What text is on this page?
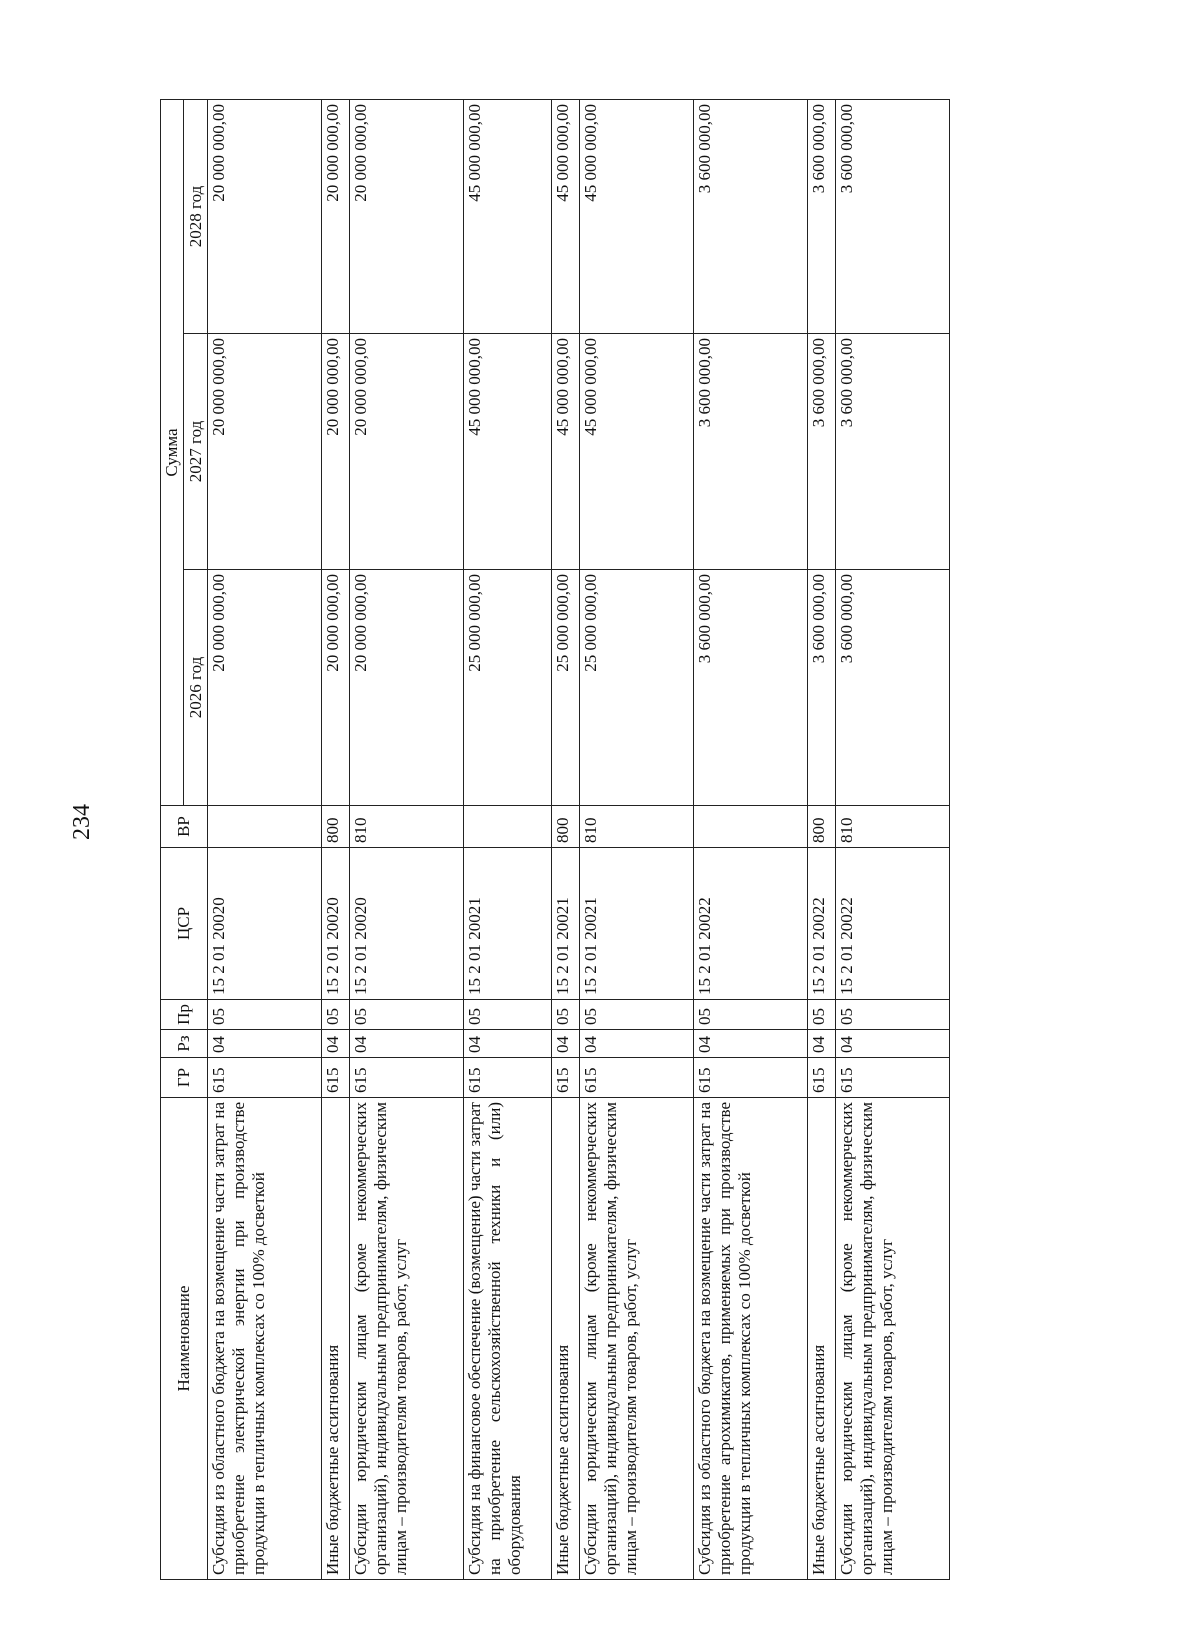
234
Наименование	ГР	Рз	Пр	ЦСР	ВР	Сумма		
						2026 год	2027 год	2028 год
Субсидия из областного бюджета на возмещение части затрат на приобретение электрической энергии при производстве продукции в тепличных комплексах со 100% досветкой	615	04	05	15 2 01 20020		20 000 000,00	20 000 000,00	20 000 000,00
Иные бюджетные ассигнования	615	04	05	15 2 01 20020	800	20 000 000,00	20 000 000,00	20 000 000,00
Субсидии юридическим лицам (кроме некоммерческих организаций), индивидуальным предпринимателям, физическим лицам – производителям товаров, работ, услуг	615	04	05	15 2 01 20020	810	20 000 000,00	20 000 000,00	20 000 000,00
Субсидия на финансовое обеспечение (возмещение) части затрат на приобретение сельскохозяйственной техники и (или) оборудования	615	04	05	15 2 01 20021		25 000 000,00	45 000 000,00	45 000 000,00
Иные бюджетные ассигнования	615	04	05	15 2 01 20021	800	25 000 000,00	45 000 000,00	45 000 000,00
Субсидии юридическим лицам (кроме некоммерческих организаций), индивидуальным предпринимателям, физическим лицам – производителям товаров, работ, услуг	615	04	05	15 2 01 20021	810	25 000 000,00	45 000 000,00	45 000 000,00
Субсидия из областного бюджета на возмещение части затрат на приобретение агрохимикатов, применяемых при производстве продукции в тепличных комплексах со 100% досветкой	615	04	05	15 2 01 20022		3 600 000,00	3 600 000,00	3 600 000,00
Иные бюджетные ассигнования	615	04	05	15 2 01 20022	800	3 600 000,00	3 600 000,00	3 600 000,00
Субсидии юридическим лицам (кроме некоммерческих организаций), индивидуальным предпринимателям, физическим лицам – производителям товаров, работ, услуг	615	04	05	15 2 01 20022	810	3 600 000,00	3 600 000,00	3 600 000,00
